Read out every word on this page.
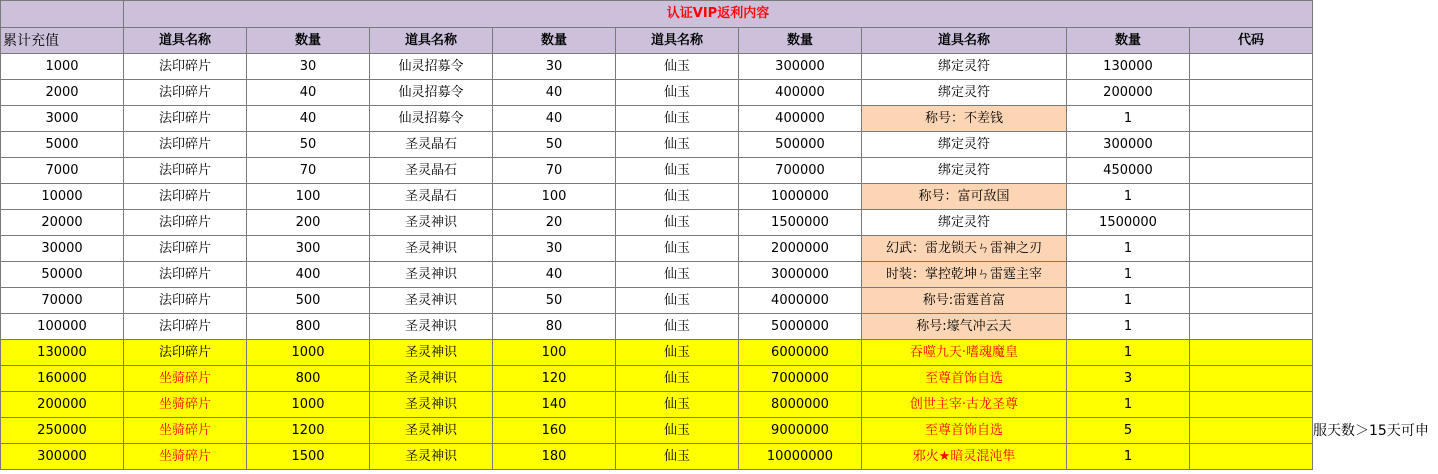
	认证VIP返利内容								
累计充值	道具名称	数量	道具名称	数量	道具名称	数量	道具名称	数量	代码
1000	法印碎片	30	仙灵招募令	30	仙玉	300000	绑定灵符	130000	
2000	法印碎片	40	仙灵招募令	40	仙玉	400000	绑定灵符	200000	
3000	法印碎片	40	仙灵招募令	40	仙玉	400000	称号：不差钱	1	
5000	法印碎片	50	圣灵晶石	50	仙玉	500000	绑定灵符	300000	
7000	法印碎片	70	圣灵晶石	70	仙玉	700000	绑定灵符	450000	
10000	法印碎片	100	圣灵晶石	100	仙玉	1000000	称号：富可敌国	1	
20000	法印碎片	200	圣灵神识	20	仙玉	1500000	绑定灵符	1500000	
30000	法印碎片	300	圣灵神识	30	仙玉	2000000	幻武：雷龙锁天ㄣ雷神之刃	1	
50000	法印碎片	400	圣灵神识	40	仙玉	3000000	时装：掌控乾坤ㄣ雷霆主宰	1	
70000	法印碎片	500	圣灵神识	50	仙玉	4000000	称号:雷霆首富	1	
100000	法印碎片	800	圣灵神识	80	仙玉	5000000	称号:壕气冲云天	1	
130000	法印碎片	1000	圣灵神识	100	仙玉	6000000	吞噬九天·嗜魂魔皇	1	
160000	坐骑碎片	800	圣灵神识	120	仙玉	7000000	至尊首饰自选	3	
200000	坐骑碎片	1000	圣灵神识	140	仙玉	8000000	创世主宰·古龙圣尊	1	
250000	坐骑碎片	1200	圣灵神识	160	仙玉	9000000	至尊首饰自选	5	
300000	坐骑碎片	1500	圣灵神识	180	仙玉	10000000	邪火★暗灵混沌隼	1	
服天数＞15天可申
